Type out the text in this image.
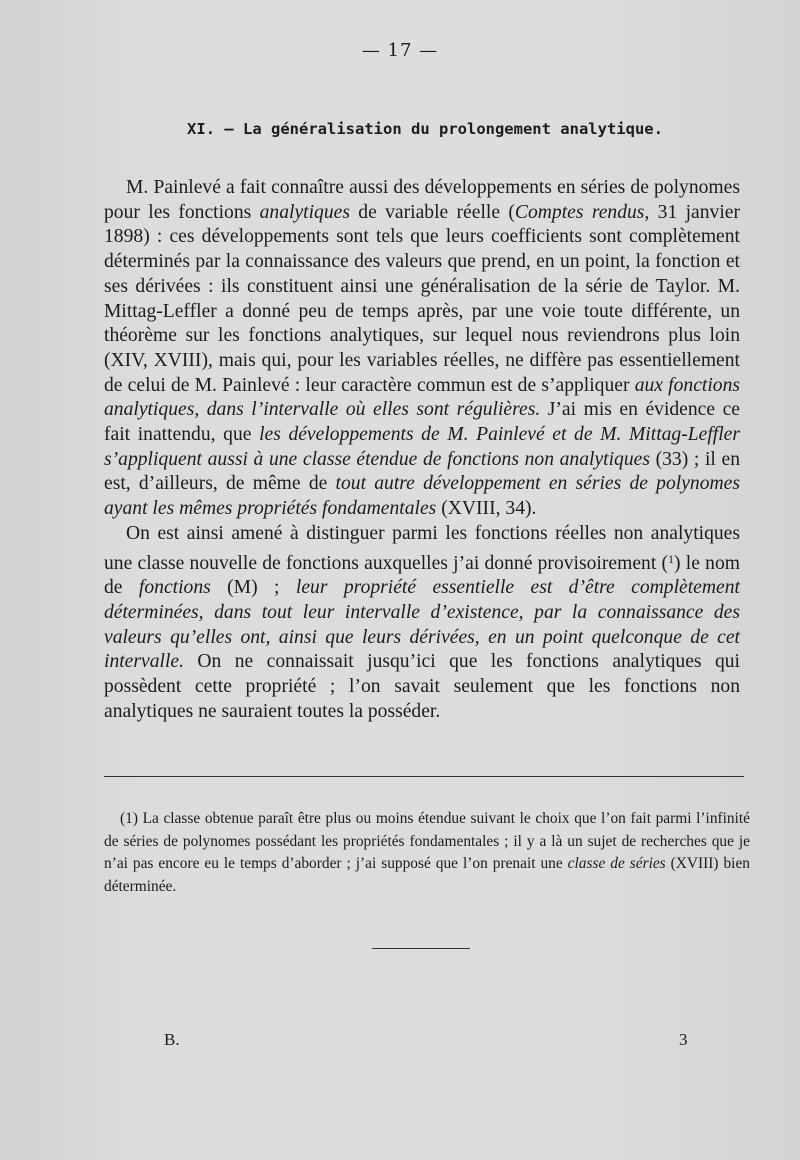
— 17 —
XI. — La généralisation du prolongement analytique.

M. Painlevé a fait connaître aussi des développements en séries de polynomes pour les fonctions analytiques de variable réelle (Comptes rendus, 31 janvier 1898) : ces développements sont tels que leurs coefficients sont complètement déterminés par la connaissance des valeurs que prend, en un point, la fonction et ses dérivées : ils constituent ainsi une généralisation de la série de Taylor. M. Mittag-Leffler a donné peu de temps après, par une voie toute différente, un théorème sur les fonctions analytiques, sur lequel nous reviendrons plus loin (XIV, XVIII), mais qui, pour les variables réelles, ne diffère pas essentiellement de celui de M. Painlevé : leur caractère commun est de s’appliquer aux fonctions analytiques, dans l’intervalle où elles sont régulières. J’ai mis en évidence ce fait inattendu, que les développements de M. Painlevé et de M. Mittag-Leffler s’appliquent aussi à une classe étendue de fonctions non analytiques (33) ; il en est, d’ailleurs, de même de tout autre développement en séries de polynomes ayant les mêmes propriétés fondamentales (XVIII, 34).

On est ainsi amené à distinguer parmi les fonctions réelles non analytiques une classe nouvelle de fonctions auxquelles j’ai donné provisoirement ($^1$) le nom de fonctions (M) ; leur propriété essentielle est d’être complètement déterminées, dans tout leur intervalle d’existence, par la connaissance des valeurs qu’elles ont, ainsi que leurs dérivées, en un point quelconque de cet intervalle. On ne connaissait jusqu’ici que les fonctions analytiques qui possèdent cette propriété ; l’on savait seulement que les fonctions non analytiques ne sauraient toutes la posséder.

(1) La classe obtenue paraît être plus ou moins étendue suivant le choix que l’on fait parmi l’infinité de séries de polynomes possédant les propriétés fondamentales ; il y a là un sujet de recherches que je n’ai pas encore eu le temps d’aborder ; j’ai supposé que l’on prenait une classe de séries (XVIII) bien déterminée.

B.	3
